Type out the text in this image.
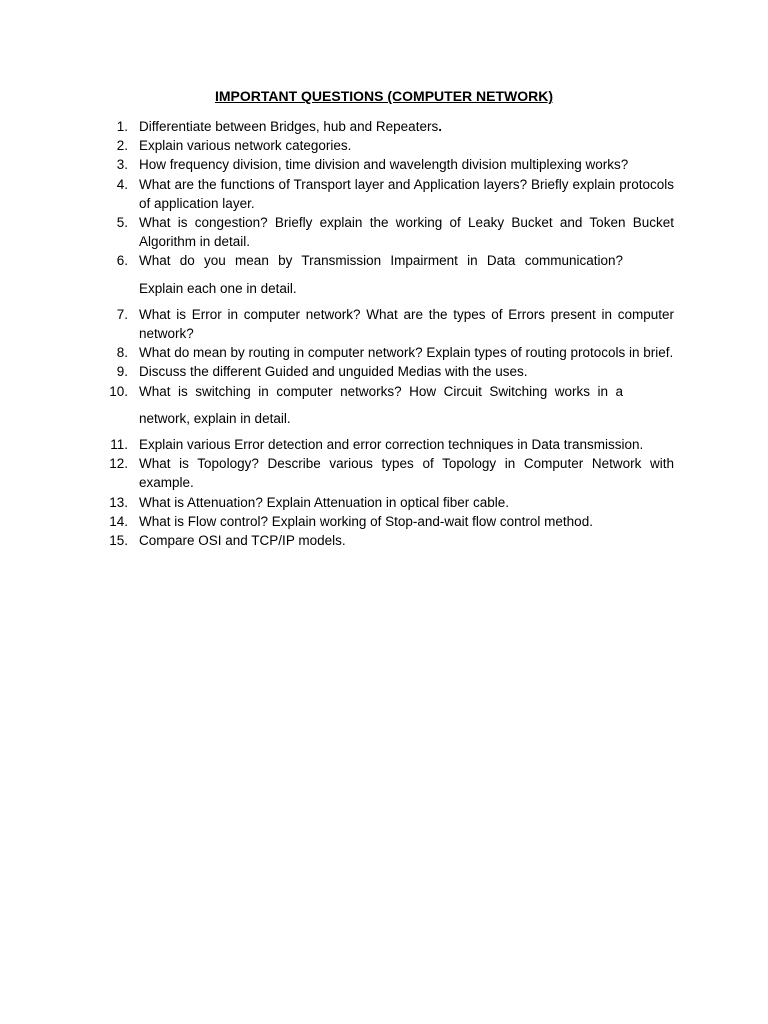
IMPORTANT QUESTIONS (COMPUTER NETWORK)
1. Differentiate between Bridges, hub and Repeaters.
2. Explain various network categories.
3. How frequency division, time division and wavelength division multiplexing works?
4. What are the functions of Transport layer and Application layers? Briefly explain protocols of application layer.
5. What is congestion? Briefly explain the working of Leaky Bucket and Token Bucket Algorithm in detail.
6. What do you mean by Transmission Impairment in Data communication?
Explain each one in detail.
7. What is Error in computer network? What are the types of Errors present in computer network?
8. What do mean by routing in computer network? Explain types of routing protocols in brief.
9. Discuss the different Guided and unguided Medias with the uses.
10. What is switching in computer networks? How Circuit Switching works in a
network, explain in detail.
11. Explain various Error detection and error correction techniques in Data transmission.
12. What is Topology? Describe various types of Topology in Computer Network with example.
13. What is Attenuation? Explain Attenuation in optical fiber cable.
14. What is Flow control? Explain working of Stop-and-wait flow control method.
15. Compare OSI and TCP/IP models.
